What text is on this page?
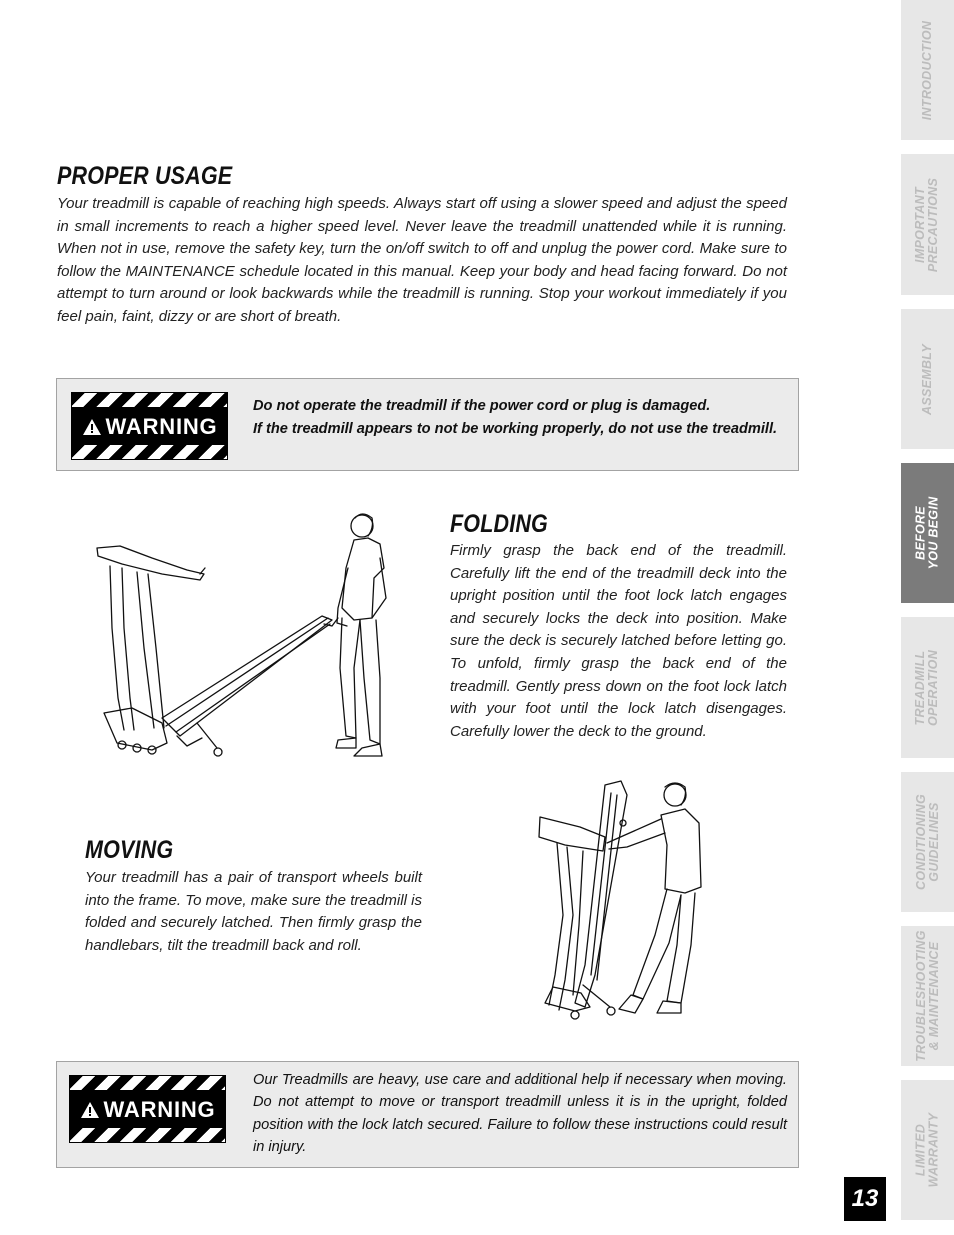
PROPER USAGE

Your treadmill is capable of reaching high speeds. Always start off using a slower speed and adjust the speed in small increments to reach a higher speed level. Never leave the treadmill unattended while it is running. When not in use, remove the safety key, turn the on/off switch to off and unplug the power cord. Make sure to follow the MAINTENANCE schedule located in this manual. Keep your body and head facing forward. Do not attempt to turn around or look backwards while the treadmill is running. Stop your workout immediately if you feel pain, faint, dizzy or are short of breath.

WARNING

Do not operate the treadmill if the power cord or plug is damaged.

If the treadmill appears to not be working properly, do not use the treadmill.

FOLDING

Firmly grasp the back end of the treadmill. Carefully lift the end of the treadmill deck into the upright position until the foot lock latch engages and securely locks the deck into position. Make sure the deck is securely latched before letting go. To unfold, firmly grasp the back end of the treadmill. Gently press down on the foot lock latch with your foot until the lock latch disengages. Carefully lower the deck to the ground.

MOVING

Your treadmill has a pair of transport wheels built into the frame. To move, make sure the treadmill is folded and securely latched. Then firmly grasp the handlebars, tilt the treadmill back and roll.

WARNING

Our Treadmills are heavy, use care and additional help if necessary when moving. Do not attempt to move or transport treadmill unless it is in the upright, folded position with the lock latch secured. Failure to follow these instructions could result in injury.

INTRODUCTION
IMPORTANT PRECAUTIONS
ASSEMBLY
BEFORE YOU BEGIN
TREADMILL OPERATION
CONDITIONING GUIDELINES
TROUBLESHOOTING & MAINTENANCE
LIMITED WARRANTY
13
